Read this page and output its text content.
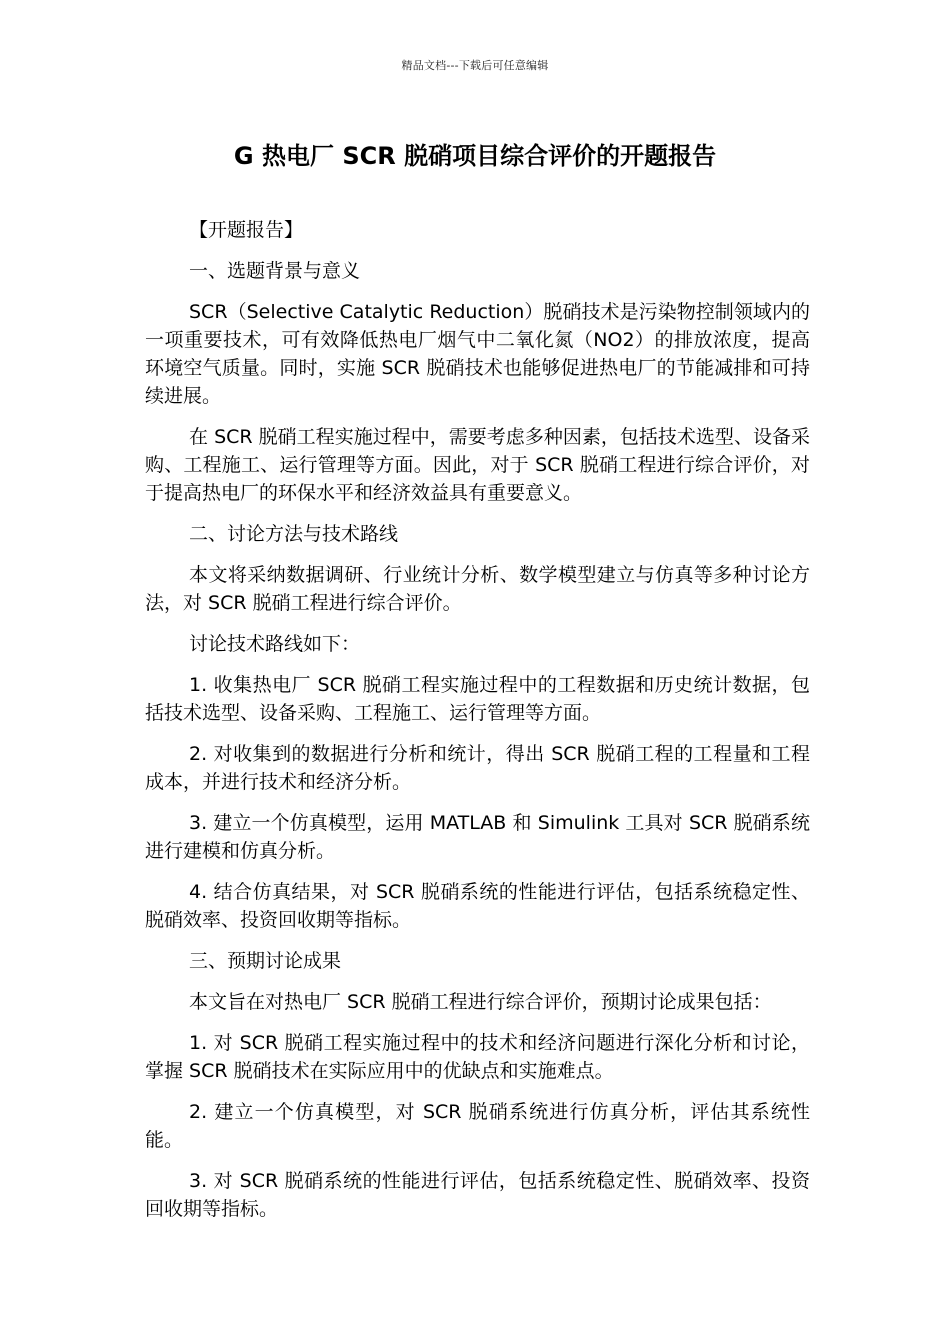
精品文档---下载后可任意编辑
G 热电厂 SCR 脱硝项目综合评价的开题报告

【开题报告】

一、选题背景与意义

SCR（Selective Catalytic Reduction）脱硝技术是污染物控制领域内的一项重要技术，可有效降低热电厂烟气中二氧化氮（NO2）的排放浓度，提高环境空气质量。同时，实施 SCR 脱硝技术也能够促进热电厂的节能减排和可持续进展。

在 SCR 脱硝工程实施过程中，需要考虑多种因素，包括技术选型、设备采购、工程施工、运行管理等方面。因此，对于 SCR 脱硝工程进行综合评价，对于提高热电厂的环保水平和经济效益具有重要意义。

二、讨论方法与技术路线

本文将采纳数据调研、行业统计分析、数学模型建立与仿真等多种讨论方法，对 SCR 脱硝工程进行综合评价。

讨论技术路线如下：

1. 收集热电厂 SCR 脱硝工程实施过程中的工程数据和历史统计数据，包括技术选型、设备采购、工程施工、运行管理等方面。

2. 对收集到的数据进行分析和统计，得出 SCR 脱硝工程的工程量和工程成本，并进行技术和经济分析。

3. 建立一个仿真模型，运用 MATLAB 和 Simulink 工具对 SCR 脱硝系统进行建模和仿真分析。

4. 结合仿真结果，对 SCR 脱硝系统的性能进行评估，包括系统稳定性、脱硝效率、投资回收期等指标。

三、预期讨论成果

本文旨在对热电厂 SCR 脱硝工程进行综合评价，预期讨论成果包括：

1. 对 SCR 脱硝工程实施过程中的技术和经济问题进行深化分析和讨论，掌握 SCR 脱硝技术在实际应用中的优缺点和实施难点。

2. 建立一个仿真模型，对 SCR 脱硝系统进行仿真分析，评估其系统性能。

3. 对 SCR 脱硝系统的性能进行评估，包括系统稳定性、脱硝效率、投资回收期等指标。
